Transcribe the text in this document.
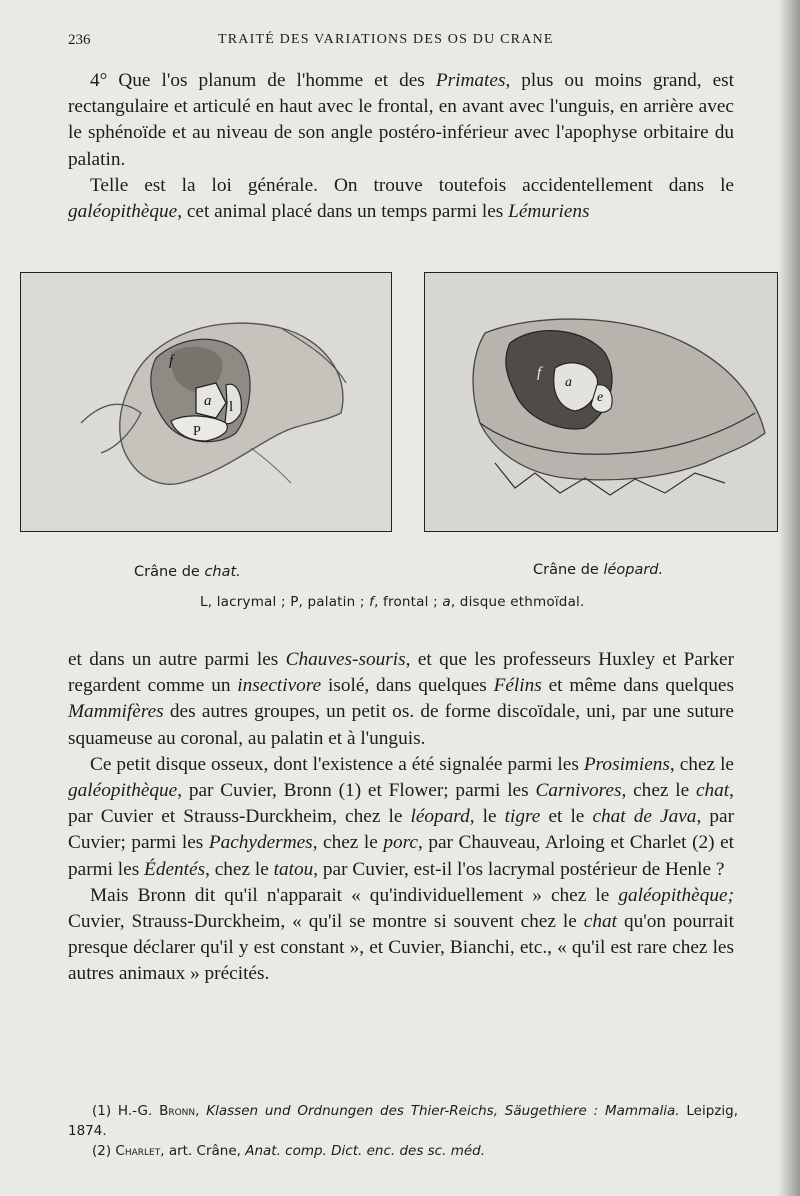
236	TRAITÉ DES VARIATIONS DES OS DU CRANE

4° Que l'os planum de l'homme et des Primates, plus ou moins grand, est rectangulaire et articulé en haut avec le frontal, en avant avec l'unguis, en arrière avec le sphénoïde et au niveau de son angle postéro-inférieur avec l'apophyse orbitaire du palatin.

Telle est la loi générale. On trouve toutefois accidentellement dans le galéopithèque, cet animal placé dans un temps parmi les Lémuriens

f
a l
P
f
a
e
Crâne de chat.	Crâne de léopard.
L, lacrymal ; P, palatin ; f, frontal ; a, disque ethmoïdal.

et dans un autre parmi les Chauves-souris, et que les professeurs Huxley et Parker regardent comme un insectivore isolé, dans quelques Félins et même dans quelques Mammifères des autres groupes, un petit os. de forme discoïdale, uni, par une suture squameuse au coronal, au palatin et à l'unguis.

Ce petit disque osseux, dont l'existence a été signalée parmi les Prosimiens, chez le galéopithèque, par Cuvier, Bronn (1) et Flower; parmi les Carnivores, chez le chat, par Cuvier et Strauss-Durckheim, chez le léopard, le tigre et le chat de Java, par Cuvier; parmi les Pachydermes, chez le porc, par Chauveau, Arloing et Charlet (2) et parmi les Édentés, chez le tatou, par Cuvier, est-il l'os lacrymal postérieur de Henle ?

Mais Bronn dit qu'il n'apparait « qu'individuellement » chez le galéopithèque; Cuvier, Strauss-Durckheim, « qu'il se montre si souvent chez le chat qu'on pourrait presque déclarer qu'il y est constant », et Cuvier, Bianchi, etc., « qu'il est rare chez les autres animaux » précités.

(1) H.-G. Bronn, Klassen und Ordnungen des Thier-Reichs, Säugethiere : Mammalia. Leipzig, 1874.

(2) Charlet, art. Crâne, Anat. comp. Dict. enc. des sc. méd.
